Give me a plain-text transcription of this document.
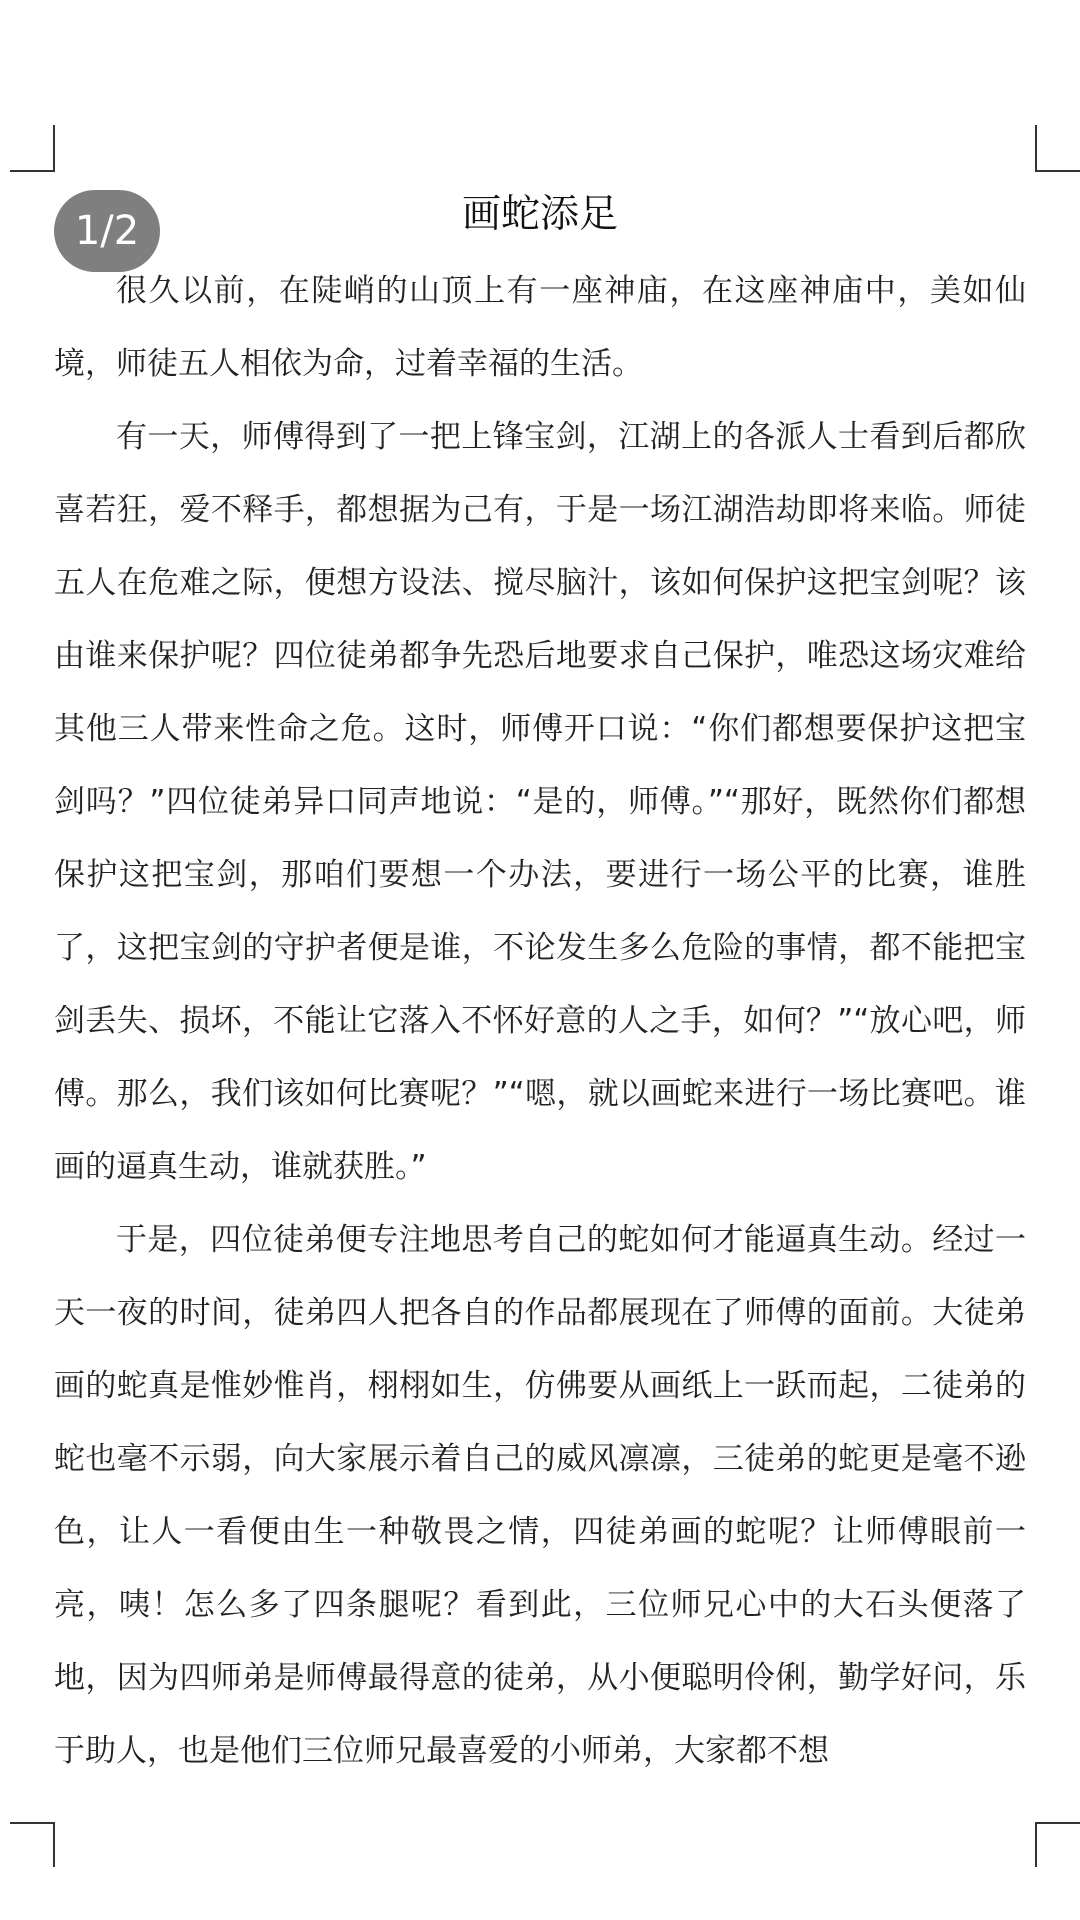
画蛇添足
1/2

很久以前，在陡峭的山顶上有一座神庙，在这座神庙中，美如仙境，师徒五人相依为命，过着幸福的生活。

有一天，师傅得到了一把上锋宝剑，江湖上的各派人士看到后都欣喜若狂，爱不释手，都想据为己有，于是一场江湖浩劫即将来临。师徒五人在危难之际，便想方设法、搅尽脑汁，该如何保护这把宝剑呢？该由谁来保护呢？四位徒弟都争先恐后地要求自己保护，唯恐这场灾难给其他三人带来性命之危。这时，师傅开口说：“你们都想要保护这把宝剑吗？”四位徒弟异口同声地说：“是的，师傅。”“那好，既然你们都想保护这把宝剑，那咱们要想一个办法，要进行一场公平的比赛，谁胜了，这把宝剑的守护者便是谁，不论发生多么危险的事情，都不能把宝剑丢失、损坏，不能让它落入不怀好意的人之手，如何？”“放心吧，师傅。那么，我们该如何比赛呢？”“嗯，就以画蛇来进行一场比赛吧。谁画的逼真生动，谁就获胜。”

于是，四位徒弟便专注地思考自己的蛇如何才能逼真生动。经过一天一夜的时间，徒弟四人把各自的作品都展现在了师傅的面前。大徒弟画的蛇真是惟妙惟肖，栩栩如生，仿佛要从画纸上一跃而起，二徒弟的蛇也毫不示弱，向大家展示着自己的威风凛凛，三徒弟的蛇更是毫不逊色，让人一看便由生一种敬畏之情，四徒弟画的蛇呢？让师傅眼前一亮，咦！怎么多了四条腿呢？看到此，三位师兄心中的大石头便落了地，因为四师弟是师傅最得意的徒弟，从小便聪明伶俐，勤学好问，乐于助人，也是他们三位师兄最喜爱的小师弟，大家都不想
